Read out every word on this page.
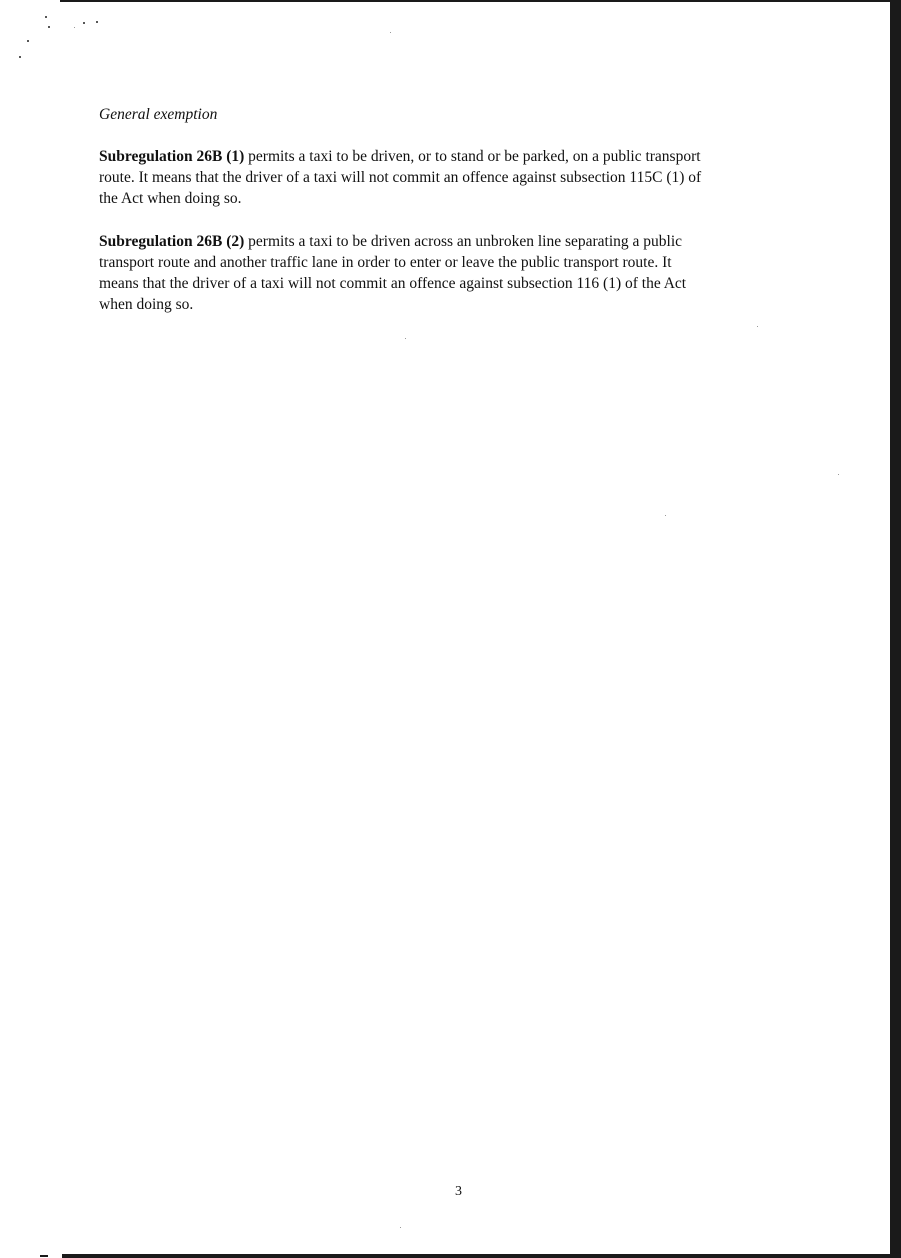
General exemption

Subregulation 26B (1) permits a taxi to be driven, or to stand or be parked, on a public transport
route. It means that the driver of a taxi will not commit an offence against subsection 115C (1) of
the Act when doing so.

Subregulation 26B (2) permits a taxi to be driven across an unbroken line separating a public
transport route and another traffic lane in order to enter or leave the public transport route. It
means that the driver of a taxi will not commit an offence against subsection 116 (1) of the Act
when doing so.

3
